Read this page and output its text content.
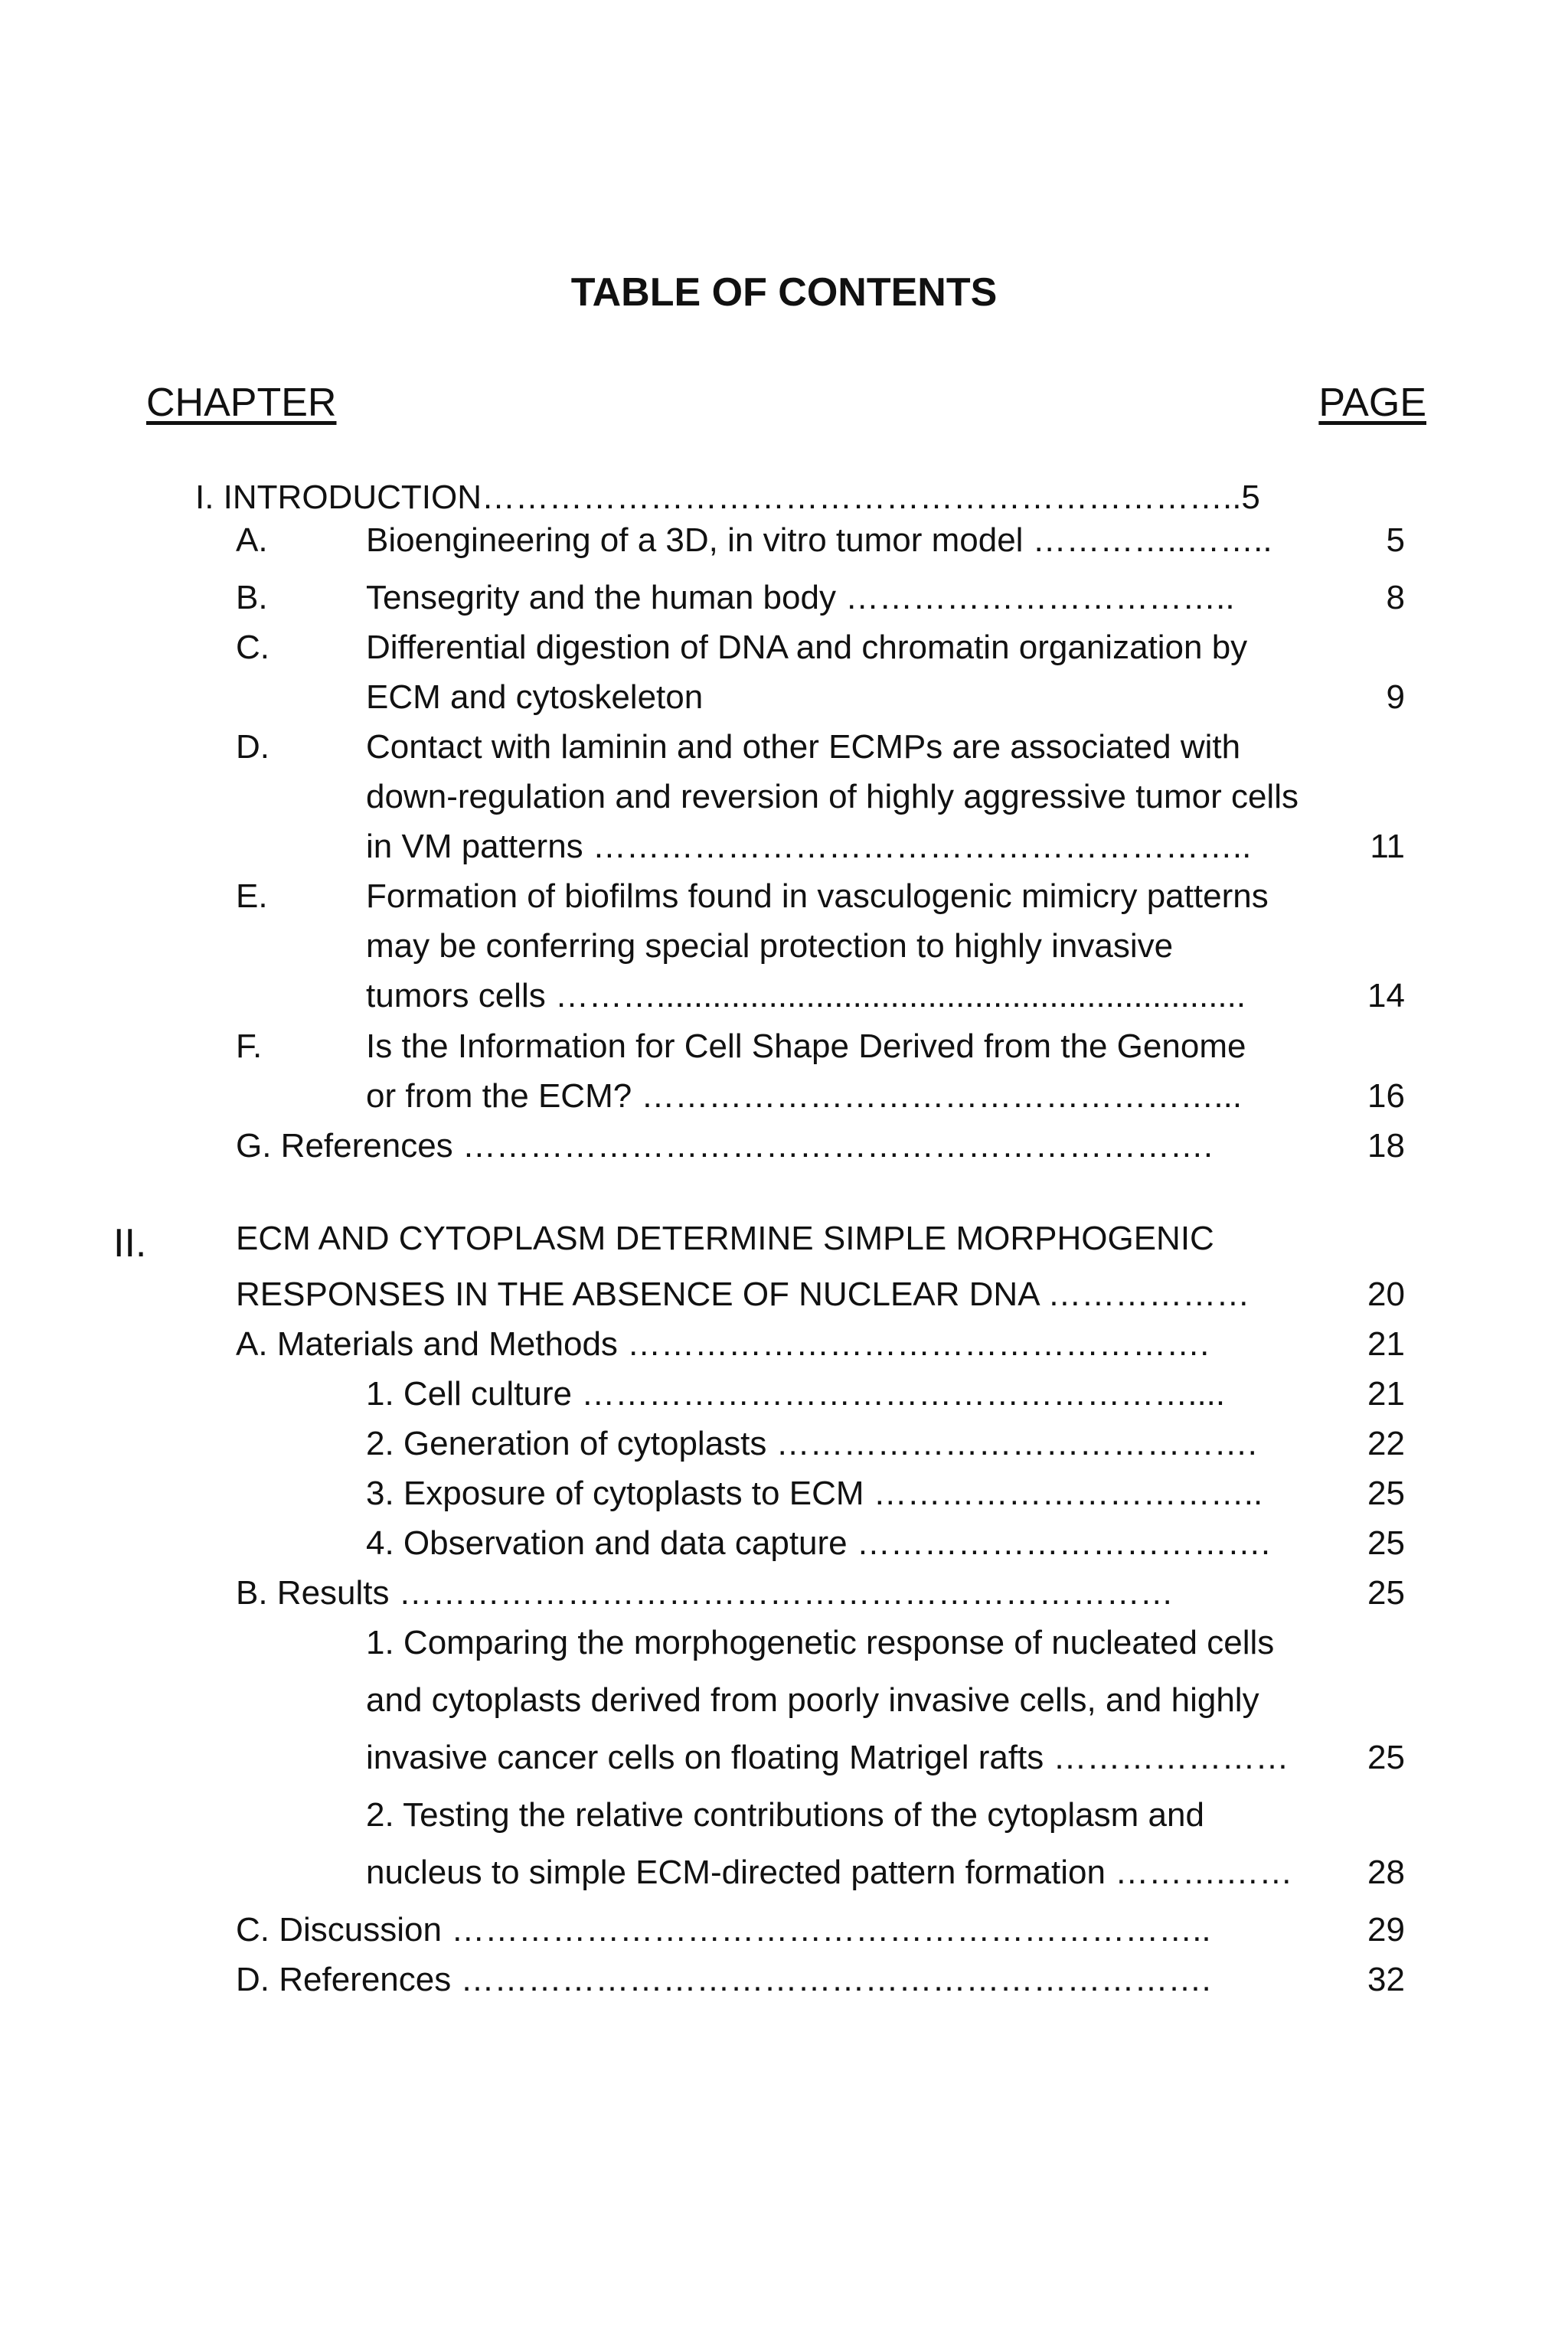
TABLE OF CONTENTS
CHAPTER	PAGE
I. INTRODUCTION…………………………………………………………..5
A.	Bioengineering of a 3D, in vitro tumor model …………..……..	5
B.	Tensegrity and the human body ……………………………..	8
C.	Differential digestion of DNA and chromatin organization by
ECM and cytoskeleton	9
D.	Contact with laminin and other ECMPs are associated with
down-regulation and reversion of highly aggressive tumor cells
in VM patterns …………………………………………………..	11
E.	Formation of biofilms found in vasculogenic mimicry patterns
may be conferring special protection to highly invasive
tumors cells ………...............................................................	14
F.	Is the Information for Cell Shape Derived from the Genome
or from the ECM? ……………………………………………...	16
G. References ………………………………………………………….	18
II.	ECM AND CYTOPLASM DETERMINE SIMPLE MORPHOGENIC
RESPONSES IN THE ABSENCE OF NUCLEAR DNA ………………	20
A. Materials and Methods …………………………………………….	21
1. Cell culture ………………………………………………....	21
2. Generation of cytoplasts …………………………………….	22
3. Exposure of cytoplasts to ECM ……………………………..	25
4. Observation and data capture ……………………………….	25
B. Results ……………………………………………………………	25
1. Comparing the morphogenetic response of nucleated cells
and cytoplasts derived from poorly invasive cells, and highly
invasive cancer cells on floating Matrigel rafts ………………… 25
2. Testing the relative contributions of the cytoplasm and
nucleus to simple ECM-directed pattern formation ……….…… 28
C. Discussion …………………………………………………………..	29
D. References ………………………………………………………….	32
